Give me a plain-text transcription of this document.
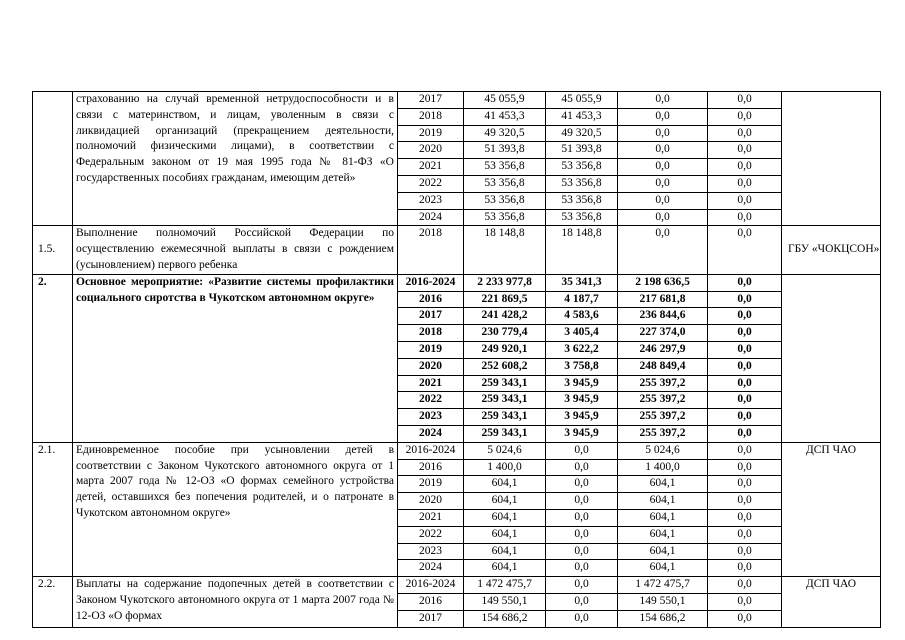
	страхованию на случай временной нетрудоспособности и в связи с материнством, и лицам, уволенным в связи с ликвидацией организаций (прекращением деятельности, полномочий физическими лицами), в соответствии с Федеральным законом от 19 мая 1995 года № 81-ФЗ «О государственных пособиях гражданам, имеющим детей»	2017	45 055,9	45 055,9	0,0	0,0	
		2018	41 453,3	41 453,3	0,0	0,0	
		2019	49 320,5	49 320,5	0,0	0,0	
		2020	51 393,8	51 393,8	0,0	0,0	
		2021	53 356,8	53 356,8	0,0	0,0	
		2022	53 356,8	53 356,8	0,0	0,0	
		2023	53 356,8	53 356,8	0,0	0,0	
		2024	53 356,8	53 356,8	0,0	0,0	
1.5.	Выполнение полномочий Российской Федерации по осуществлению ежемесячной выплаты в связи с рождением (усыновлением) первого ребенка	2018	18 148,8	18 148,8	0,0	0,0	ГБУ «ЧОКЦСОН»
2.	Основное мероприятие: «Развитие системы профилактики социального сиротства в Чукотском автономном округе»	2016-2024	2 233 977,8	35 341,3	2 198 636,5	0,0	
		2016	221 869,5	4 187,7	217 681,8	0,0	
		2017	241 428,2	4 583,6	236 844,6	0,0	
		2018	230 779,4	3 405,4	227 374,0	0,0	
		2019	249 920,1	3 622,2	246 297,9	0,0	
		2020	252 608,2	3 758,8	248 849,4	0,0	
		2021	259 343,1	3 945,9	255 397,2	0,0	
		2022	259 343,1	3 945,9	255 397,2	0,0	
		2023	259 343,1	3 945,9	255 397,2	0,0	
		2024	259 343,1	3 945,9	255 397,2	0,0	
2.1.	Единовременное пособие при усыновлении детей в соответствии с Законом Чукотского автономного округа от 1 марта 2007 года № 12-ОЗ «О формах семейного устройства детей, оставшихся без попечения родителей, и о патронате в Чукотском автономном округе»	2016-2024	5 024,6	0,0	5 024,6	0,0	ДСП ЧАО
		2016	1 400,0	0,0	1 400,0	0,0	
		2019	604,1	0,0	604,1	0,0	
		2020	604,1	0,0	604,1	0,0	
		2021	604,1	0,0	604,1	0,0	
		2022	604,1	0,0	604,1	0,0	
		2023	604,1	0,0	604,1	0,0	
		2024	604,1	0,0	604,1	0,0	
2.2.	Выплаты на содержание подопечных детей в соответствии с Законом Чукотского автономного округа от 1 марта 2007 года № 12-ОЗ «О формах	2016-2024	1 472 475,7	0,0	1 472 475,7	0,0	ДСП ЧАО
		2016	149 550,1	0,0	149 550,1	0,0	
		2017	154 686,2	0,0	154 686,2	0,0	
